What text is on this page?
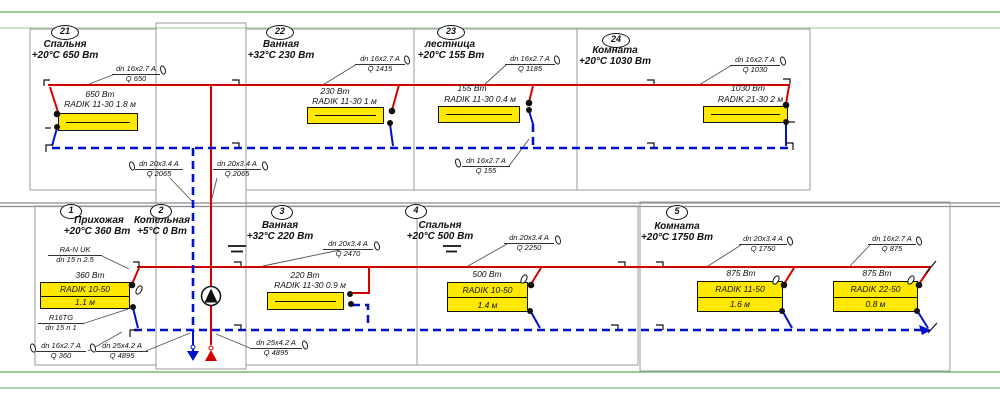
21	22	23
24
1	2	3	4	5
Спальня
+20°C 650 Вт
Ванная
+32°C 230 Вт
лестница
+20°C 155 Вт	Комната
+20°C 1030 Вт
Прихожая
+20°C 360 Вт
Котельная
+5°C 0 Вт
Ванная
+32°C 220 Вт
Спальня
+20°C 500 Вт
Комната
+20°C 1750 Вт
dn 16x2.7 A
Q 650
dn 16x2.7 A
Q 1415
dn 16x2.7 A
Q 1185
dn 16x2.7 A
Q 1030
dn 20x3.4 A
Q 2065
dn 20x3.4 A
Q 2065
dn 16x2.7 A
Q 155
dn 20x3.4 A
Q 2470
dn 20x3.4 A
Q 2250
dn 20x3.4 A
Q 1750
dn 16x2.7 A
Q 875
dn 16x2.7 A
Q 360
dn 25x4.2 A
Q 4895
dn 25x4.2 A
Q 4895
RA-N UK
dn 15 n 2.5
R16TG
dn 15 n 1
650 Вт
RADIK 11-30 1.8 м
230 Вт
RADIK 11-30 1 м
155 Вт
RADIK 11-30 0.4 м
1030 Вт
RADIK 21-30 2 м
220 Вт
RADIK 11-30 0.9 м
360 Вт
RADIK 10-50
1.1 м
500 Вт
RADIK 10-50
1.4 м
875 Вт
RADIK 11-50
1.6 м
875 Вт
RADIK 22-50
0.8 м
